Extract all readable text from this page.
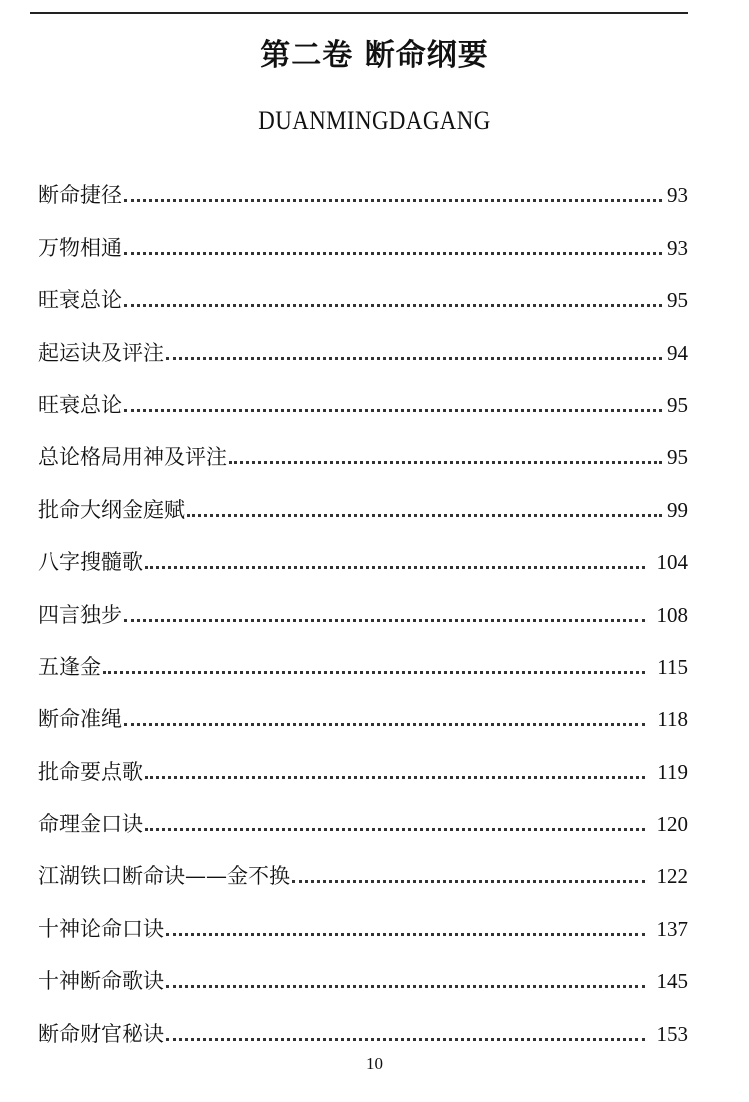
第二卷 断命纲要
DUANMINGDAGANG
断命捷径	93
万物相通	93
旺衰总论	95
起运诀及评注	94
旺衰总论	95
总论格局用神及评注	95
批命大纲金庭赋	99
八字搜髓歌	104
四言独步	108
五逢金	115
断命准绳	118
批命要点歌	119
命理金口诀	120
江湖铁口断命诀——金不换	122
十神论命口诀	137
十神断命歌诀	145
断命财官秘诀	153
10
